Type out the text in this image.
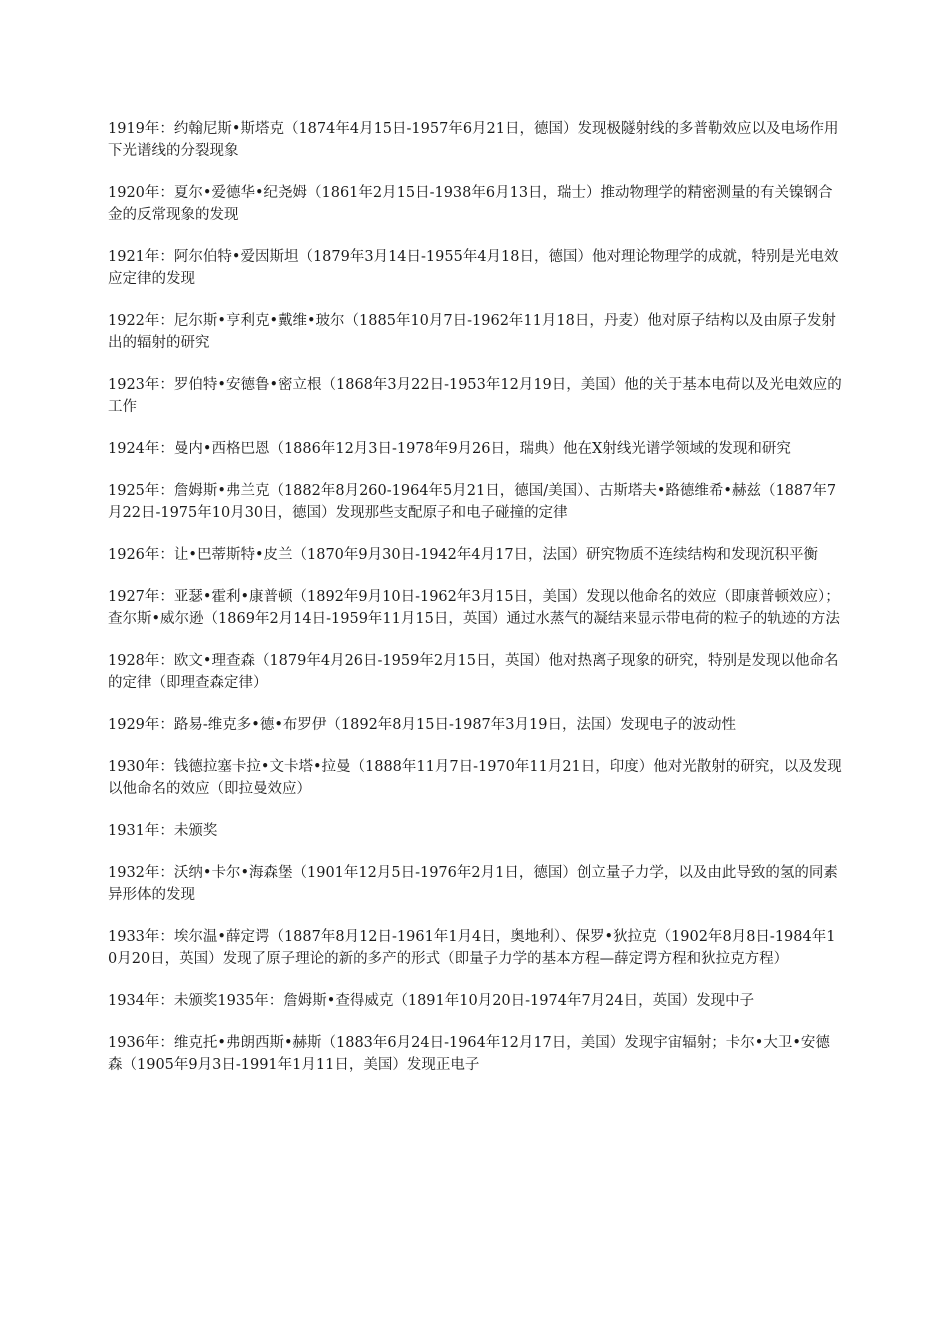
1919年：约翰尼斯•斯塔克（1874年4月15日-1957年6月21日，德国）发现极隧射线的多普勒效应以及电场作用下光谱线的分裂现象

1920年：夏尔•爱德华•纪尧姆（1861年2月15日-1938年6月13日，瑞士）推动物理学的精密测量的有关镍钢合金的反常现象的发现

1921年：阿尔伯特•爱因斯坦（1879年3月14日-1955年4月18日，德国）他对理论物理学的成就，特别是光电效应定律的发现

1922年：尼尔斯•亨利克•戴维•玻尔（1885年10月7日-1962年11月18日，丹麦）他对原子结构以及由原子发射出的辐射的研究

1923年：罗伯特•安德鲁•密立根（1868年3月22日-1953年12月19日，美国）他的关于基本电荷以及光电效应的工作

1924年：曼内•西格巴恩（1886年12月3日-1978年9月26日，瑞典）他在X射线光谱学领域的发现和研究

1925年：詹姆斯•弗兰克（1882年8月260-1964年5月21日，德国/美国）、古斯塔夫•路德维希•赫兹（1887年7月22日-1975年10月30日，德国）发现那些支配原子和电子碰撞的定律

1926年：让•巴蒂斯特•皮兰（1870年9月30日-1942年4月17日，法国）研究物质不连续结构和发现沉积平衡

1927年：亚瑟•霍利•康普顿（1892年9月10日-1962年3月15日，美国）发现以他命名的效应（即康普顿效应）；查尔斯•威尔逊（1869年2月14日-1959年11月15日，英国）通过水蒸气的凝结来显示带电荷的粒子的轨迹的方法

1928年：欧文•理查森（1879年4月26日-1959年2月15日，英国）他对热离子现象的研究，特别是发现以他命名的定律（即理查森定律）

1929年：路易-维克多•德•布罗伊（1892年8月15日-1987年3月19日，法国）发现电子的波动性

1930年：钱德拉塞卡拉•文卡塔•拉曼（1888年11月7日-1970年11月21日，印度）他对光散射的研究，以及发现以他命名的效应（即拉曼效应）

1931年：未颁奖

1932年：沃纳•卡尔•海森堡（1901年12月5日-1976年2月1日，德国）创立量子力学，以及由此导致的氢的同素异形体的发现

1933年：埃尔温•薛定谔（1887年8月12日-1961年1月4日，奥地利）、保罗•狄拉克（1902年8月8日-1984年10月20日，英国）发现了原子理论的新的多产的形式（即量子力学的基本方程—薛定谔方程和狄拉克方程）

1934年：未颁奖1935年：詹姆斯•查得威克（1891年10月20日-1974年7月24日，英国）发现中子

1936年：维克托•弗朗西斯•赫斯（1883年6月24日-1964年12月17日，美国）发现宇宙辐射；卡尔•大卫•安德森（1905年9月3日-1991年1月11日，美国）发现正电子
